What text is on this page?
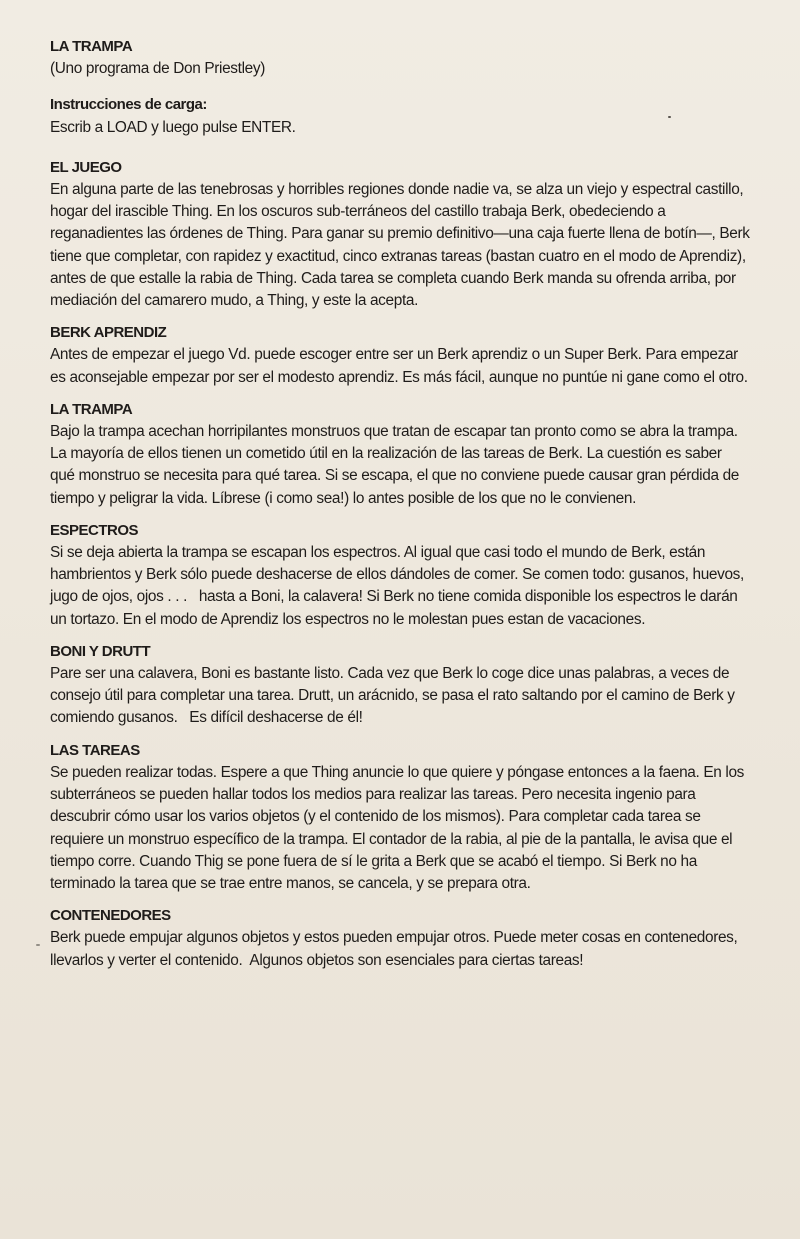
LA TRAMPA

(Uno programa de Don Priestley)

Instrucciones de carga:

Escrib a LOAD y luego pulse ENTER.

EL JUEGO

En alguna parte de las tenebrosas y horribles regiones donde nadie va, se alza un viejo y espectral castillo, hogar del irascible Thing. En los oscuros sub-terráneos del castillo trabaja Berk, obedeciendo a reganadientes las órdenes de Thing. Para ganar su premio definitivo—una caja fuerte llena de botín—, Berk tiene que completar, con rapidez y exactitud, cinco extranas tareas (bastan cuatro en el modo de Aprendiz), antes de que estalle la rabia de Thing. Cada tarea se completa cuando Berk manda su ofrenda arriba, por mediación del camarero mudo, a Thing, y este la acepta.

BERK APRENDIZ

Antes de empezar el juego Vd. puede escoger entre ser un Berk aprendiz o un Super Berk. Para empezar es aconsejable empezar por ser el modesto aprendiz. Es más fácil, aunque no puntúe ni gane como el otro.

LA TRAMPA

Bajo la trampa acechan horripilantes monstruos que tratan de escapar tan pronto como se abra la trampa. La mayoría de ellos tienen un cometido útil en la realización de las tareas de Berk. La cuestión es saber qué monstruo se necesita para qué tarea. Si se escapa, el que no conviene puede causar gran pérdida de tiempo y peligrar la vida. Líbrese (i como sea!) lo antes posible de los que no le convienen.

ESPECTROS

Si se deja abierta la trampa se escapan los espectros. Al igual que casi todo el mundo de Berk, están hambrientos y Berk sólo puede deshacerse de ellos dándoles de comer. Se comen todo: gusanos, huevos, jugo de ojos, ojos . . .   hasta a Boni, la calavera! Si Berk no tiene comida disponible los espectros le darán un tortazo. En el modo de Aprendiz los espectros no le molestan pues estan de vacaciones.

BONI Y DRUTT

Pare ser una calavera, Boni es bastante listo. Cada vez que Berk lo coge dice unas palabras, a veces de consejo útil para completar una tarea. Drutt, un arácnido, se pasa el rato saltando por el camino de Berk y comiendo gusanos.   Es difícil deshacerse de él!

LAS TAREAS

Se pueden realizar todas. Espere a que Thing anuncie lo que quiere y póngase entonces a la faena. En los subterráneos se pueden hallar todos los medios para realizar las tareas. Pero necesita ingenio para descubrir cómo usar los varios objetos (y el contenido de los mismos). Para completar cada tarea se requiere un monstruo específico de la trampa. El contador de la rabia, al pie de la pantalla, le avisa que el tiempo corre. Cuando Thig se pone fuera de sí le grita a Berk que se acabó el tiempo. Si Berk no ha terminado la tarea que se trae entre manos, se cancela, y se prepara otra.

CONTENEDORES

Berk puede empujar algunos objetos y estos pueden empujar otros. Puede meter cosas en contenedores, llevarlos y verter el contenido.  Algunos objetos son esenciales para ciertas tareas!
